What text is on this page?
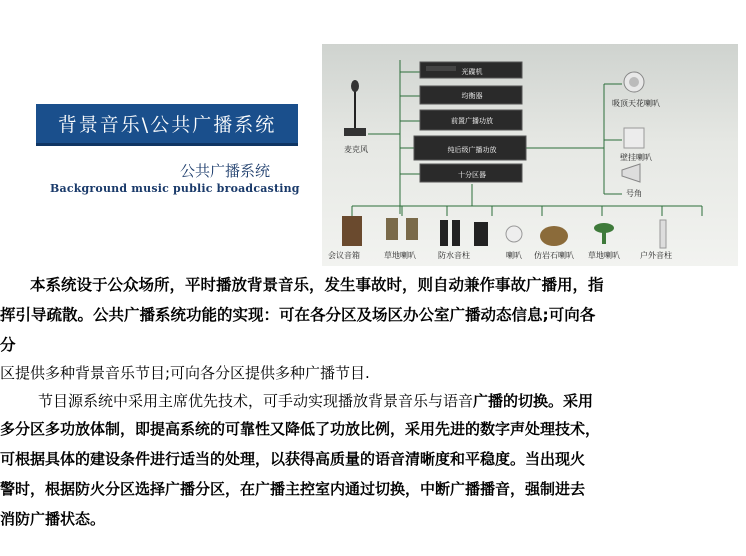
背景音乐\公共广播系统
公共广播系统
Background music public broadcasting
光碟机
均衡器
前置广播功放
纯后级广播功放
十分区器
麦克风
吸顶天花喇叭
壁挂喇叭
号角
会议音箱	草地喇叭	防水音柱	喇叭 仿岩石喇叭 草地喇叭	户外音柱
本系统设于公众场所，平时播放背景音乐，发生事故时，则自动兼作事故广播用，指
挥引导疏散。公共广播系统功能的实现：可在各分区及场区办公室广播动态信息;可向各
分
区提供多种背景音乐节目;可向各分区提供多种广播节目.
节目源系统中采用主席优先技术，可手动实现播放背景音乐与语音广播的切换。采用
多分区多功放体制，即提高系统的可靠性又降低了功放比例，采用先进的数字声处理技术，
可根据具体的建设条件进行适当的处理，以获得高质量的语音清晰度和平稳度。当出现火
警时，根据防火分区选择广播分区，在广播主控室内通过切换，中断广播播音，强制进去
消防广播状态。
